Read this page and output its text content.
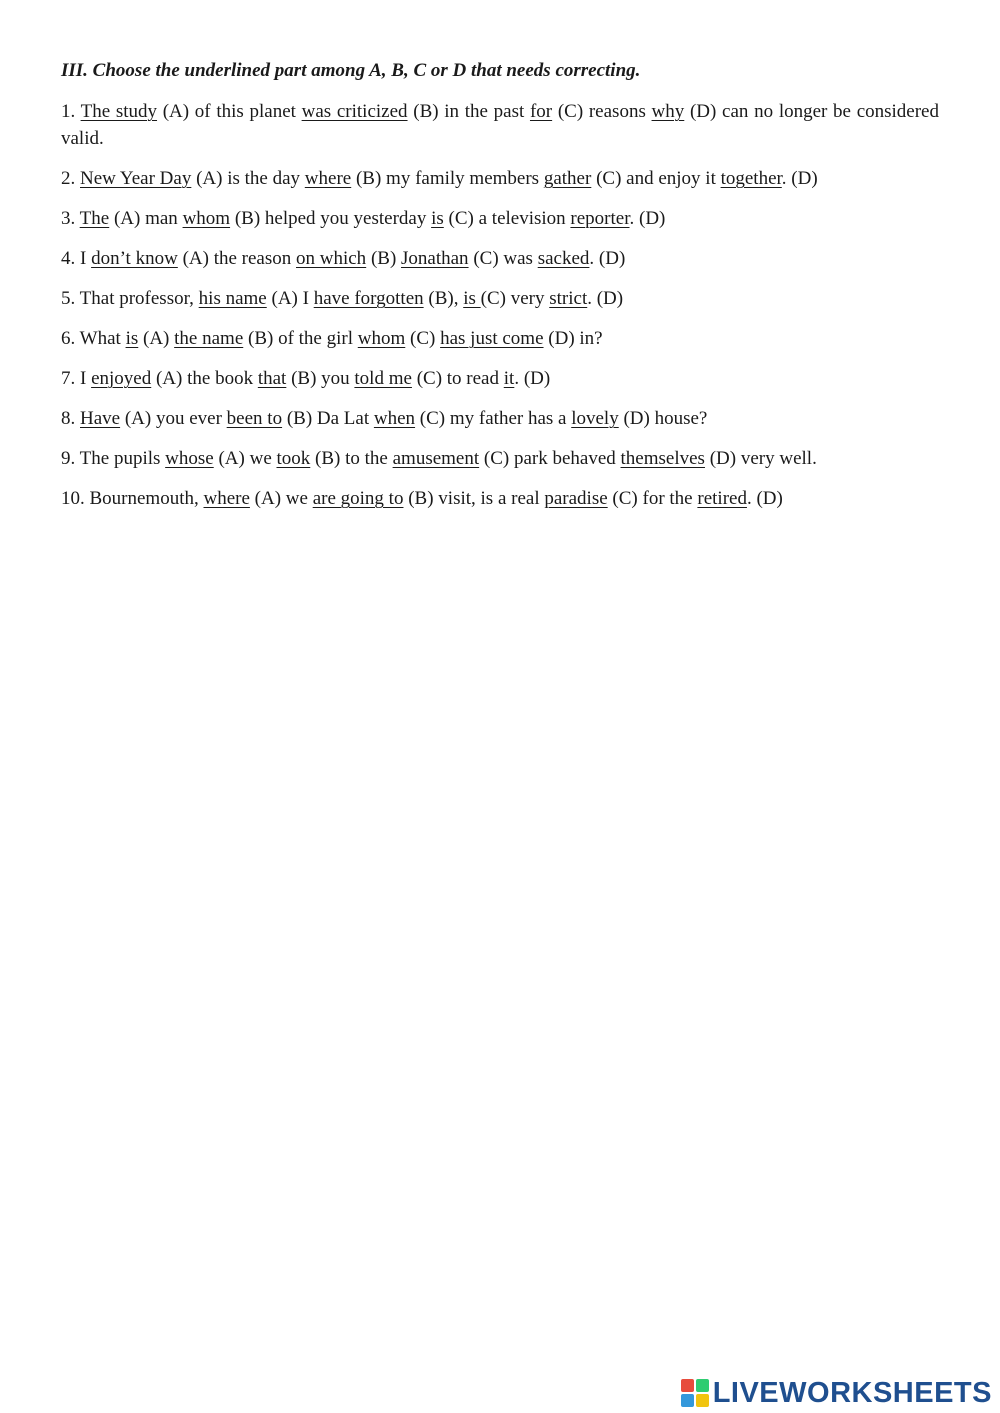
III. Choose the underlined part among A, B, C or D that needs correcting.
1. The study (A) of this planet was criticized (B) in the past for (C) reasons why (D) can no longer be considered valid.
2. New Year Day (A) is the day where (B) my family members gather (C) and enjoy it together. (D)
3. The (A) man whom (B) helped you yesterday is (C) a television reporter. (D)
4. I don’t know (A) the reason on which (B) Jonathan (C) was sacked. (D)
5. That professor, his name (A) I have forgotten (B), is (C) very strict. (D)
6. What is (A) the name (B) of the girl whom (C) has just come (D) in?
7. I enjoyed (A) the book that (B) you told me (C) to read it. (D)
8. Have (A) you ever been to (B) Da Lat when (C) my father has a lovely (D) house?
9. The pupils whose (A) we took (B) to the amusement (C) park behaved themselves (D) very well.
10. Bournemouth, where (A) we are going to (B) visit, is a real paradise (C) for the retired. (D)
LIVEWORKSHEETS
